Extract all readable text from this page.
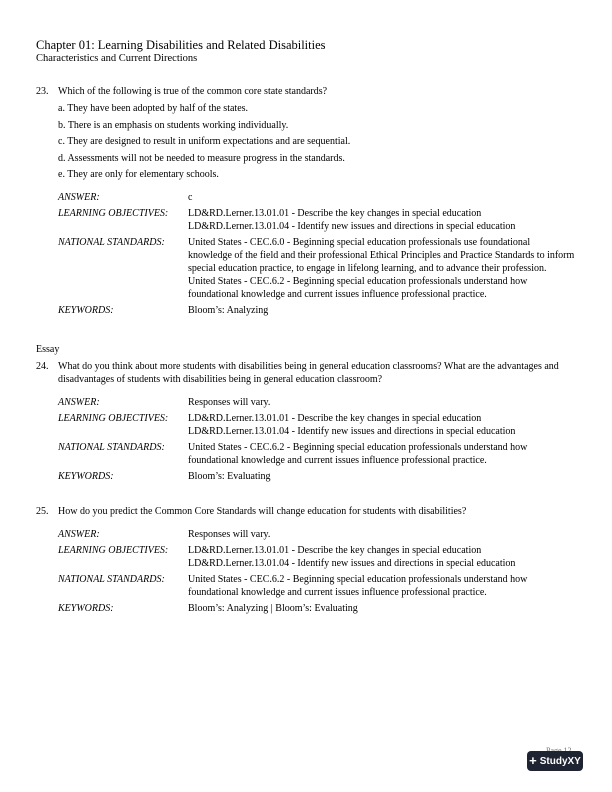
Chapter 01: Learning Disabilities and Related Disabilities
Characteristics and Current Directions
23. Which of the following is true of the common core state standards?
a. They have been adopted by half of the states.
b. There is an emphasis on students working individually.
c. They are designed to result in uniform expectations and are sequential.
d. Assessments will not be needed to measure progress in the standards.
e. They are only for elementary schools.
ANSWER:	c
LEARNING OBJECTIVES:	LD&RD.Lerner.13.01.01 - Describe the key changes in special education
LD&RD.Lerner.13.01.04 - Identify new issues and directions in special education
NATIONAL STANDARDS:	United States - CEC.6.0 - Beginning special education professionals use foundational knowledge of the field and their professional Ethical Principles and Practice Standards to inform special education practice, to engage in lifelong learning, and to advance their profession.
United States - CEC.6.2 - Beginning special education professionals understand how foundational knowledge and current issues influence professional practice.
KEYWORDS:	Bloom’s: Analyzing
Essay
24. What do you think about more students with disabilities being in general education classrooms? What are the advantages and disadvantages of students with disabilities being in general education classroom?
ANSWER:	Responses will vary.
LEARNING OBJECTIVES:	LD&RD.Lerner.13.01.01 - Describe the key changes in special education
LD&RD.Lerner.13.01.04 - Identify new issues and directions in special education
NATIONAL STANDARDS:	United States - CEC.6.2 - Beginning special education professionals understand how foundational knowledge and current issues influence professional practice.
KEYWORDS:	Bloom’s: Evaluating
25. How do you predict the Common Core Standards will change education for students with disabilities?
ANSWER:	Responses will vary.
LEARNING OBJECTIVES:	LD&RD.Lerner.13.01.01 - Describe the key changes in special education
LD&RD.Lerner.13.01.04 - Identify new issues and directions in special education
NATIONAL STANDARDS:	United States - CEC.6.2 - Beginning special education professionals understand how foundational knowledge and current issues influence professional practice.
KEYWORDS:	Bloom’s: Analyzing | Bloom’s: Evaluating
+ StudyXY
